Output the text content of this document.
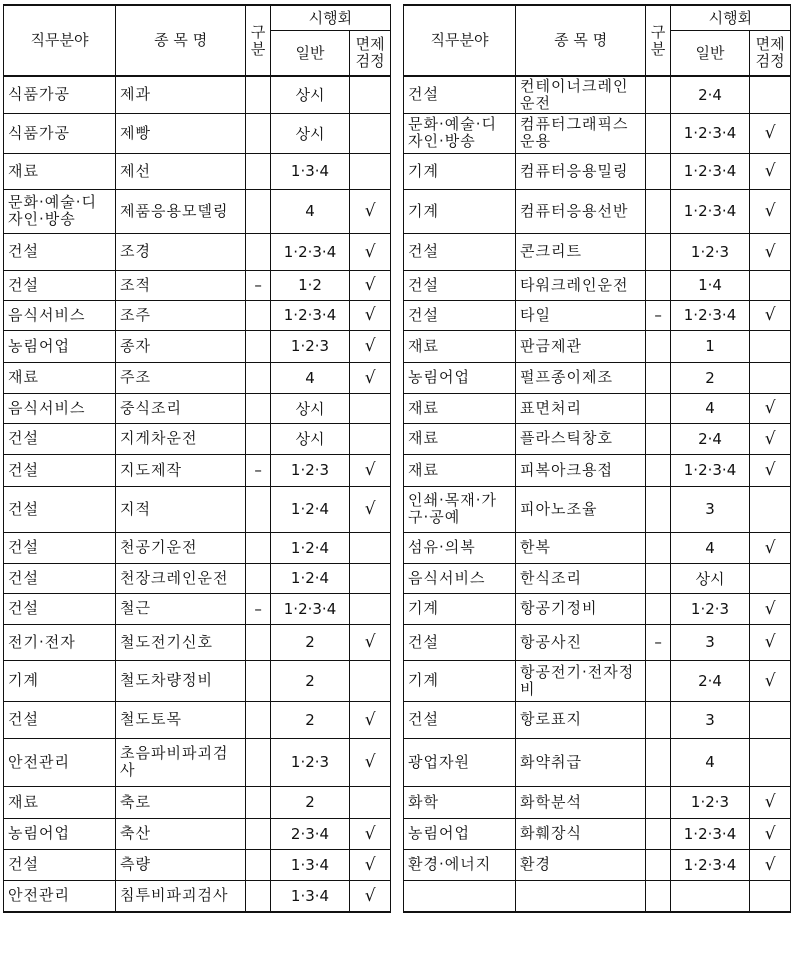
직무분야	종 목 명	구분	시행회	
			일반	면제검정
식품가공	제과		상시	
식품가공	제빵		상시	
재료	제선		1·3·4	
문화·예술·디자인·방송	제품응용모델링		4	√
건설	조경		1·2·3·4	√
건설	조적	–	1·2	√
음식서비스	조주		1·2·3·4	√
농림어업	종자		1·2·3	√
재료	주조		4	√
음식서비스	중식조리		상시	
건설	지게차운전		상시	
건설	지도제작	–	1·2·3	√
건설	지적		1·2·4	√
건설	천공기운전		1·2·4	
건설	천장크레인운전		1·2·4	
건설	철근	–	1·2·3·4	
전기·전자	철도전기신호		2	√
기계	철도차량정비		2	
건설	철도토목		2	√
안전관리	초음파비파괴검사		1·2·3	√
재료	축로		2	
농림어업	축산		2·3·4	√
건설	측량		1·3·4	√
안전관리	침투비파괴검사		1·3·4	√
직무분야	종 목 명	구분	시행회	
			일반	면제검정
건설	컨테이너크레인운전		2·4	
문화·예술·디자인·방송	컴퓨터그래픽스운용		1·2·3·4	√
기계	컴퓨터응용밀링		1·2·3·4	√
기계	컴퓨터응용선반		1·2·3·4	√
건설	콘크리트		1·2·3	√
건설	타워크레인운전		1·4	
건설	타일	–	1·2·3·4	√
재료	판금제관		1	
농림어업	펄프종이제조		2	
재료	표면처리		4	√
재료	플라스틱창호		2·4	√
재료	피복아크용접		1·2·3·4	√
인쇄·목재·가구·공예	피아노조율		3	
섬유·의복	한복		4	√
음식서비스	한식조리		상시	
기계	항공기정비		1·2·3	√
건설	항공사진	–	3	√
기계	항공전기·전자정비		2·4	√
건설	항로표지		3	
광업자원	화약취급		4	
화학	화학분석		1·2·3	√
농림어업	화훼장식		1·2·3·4	√
환경·에너지	환경		1·2·3·4	√
